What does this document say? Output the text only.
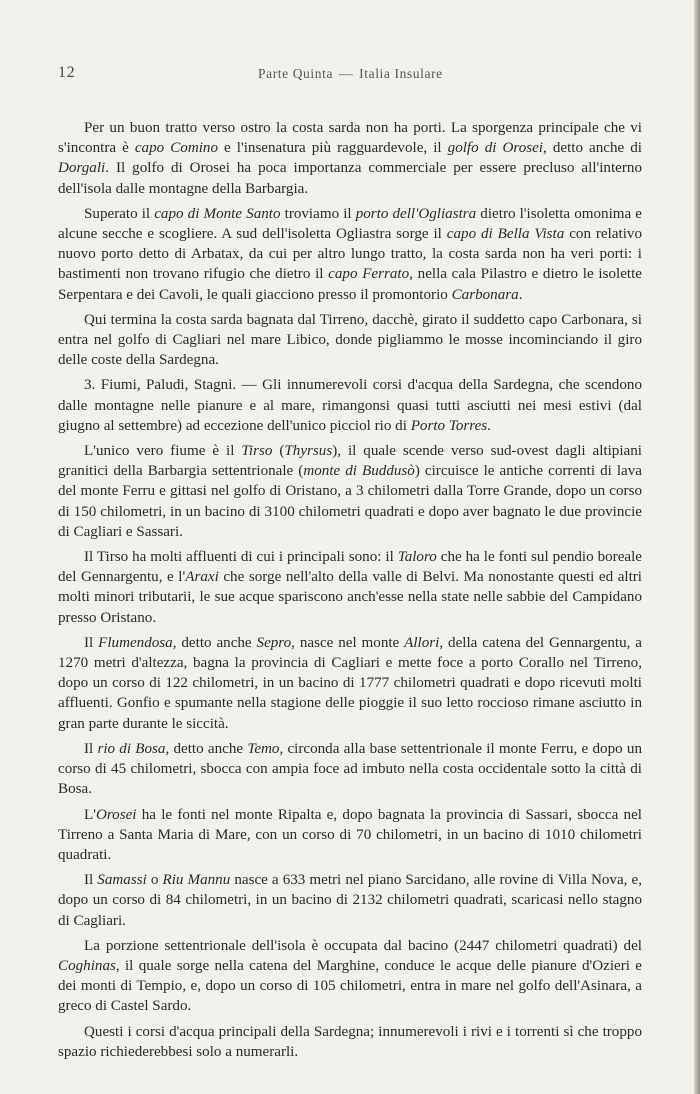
12	Parte Quinta — Italia Insulare

Per un buon tratto verso ostro la costa sarda non ha porti. La sporgenza principale che vi s'incontra è capo Comino e l'insenatura più ragguardevole, il golfo di Orosei, detto anche di Dorgali. Il golfo di Orosei ha poca importanza commerciale per essere precluso all'interno dell'isola dalle montagne della Barbargia.

Superato il capo di Monte Santo troviamo il porto dell'Ogliastra dietro l'isoletta omonima e alcune secche e scogliere. A sud dell'isoletta Ogliastra sorge il capo di Bella Vista con relativo nuovo porto detto di Arbatax, da cui per altro lungo tratto, la costa sarda non ha veri porti: i bastimenti non trovano rifugio che dietro il capo Ferrato, nella cala Pilastro e dietro le isolette Serpentara e dei Cavoli, le quali giacciono presso il promontorio Carbonara.

Qui termina la costa sarda bagnata dal Tirreno, dacchè, girato il suddetto capo Carbonara, si entra nel golfo di Cagliari nel mare Libico, donde pigliammo le mosse incominciando il giro delle coste della Sardegna.

3. Fiumi, Paludi, Stagni. — Gli innumerevoli corsi d'acqua della Sardegna, che scendono dalle montagne nelle pianure e al mare, rimangonsi quasi tutti asciutti nei mesi estivi (dal giugno al settembre) ad eccezione dell'unico picciol rio di Porto Torres.

L'unico vero fiume è il Tirso (Thyrsus), il quale scende verso sud-ovest dagli altipiani granitici della Barbargia settentrionale (monte di Buddusò) circuisce le antiche correnti di lava del monte Ferru e gittasi nel golfo di Oristano, a 3 chilometri dalla Torre Grande, dopo un corso di 150 chilometri, in un bacino di 3100 chilometri quadrati e dopo aver bagnato le due provincie di Cagliari e Sassari.

Il Tirso ha molti affluenti di cui i principali sono: il Taloro che ha le fonti sul pendio boreale del Gennargentu, e l'Araxi che sorge nell'alto della valle di Belvi. Ma nonostante questi ed altri molti minori tributarii, le sue acque spariscono anch'esse nella state nelle sabbie del Campidano presso Oristano.

Il Flumendosa, detto anche Sepro, nasce nel monte Allori, della catena del Gennargentu, a 1270 metri d'altezza, bagna la provincia di Cagliari e mette foce a porto Corallo nel Tirreno, dopo un corso di 122 chilometri, in un bacino di 1777 chilometri quadrati e dopo ricevuti molti affluenti. Gonfio e spumante nella stagione delle pioggie il suo letto roccioso rimane asciutto in gran parte durante le siccità.

Il rio di Bosa, detto anche Temo, circonda alla base settentrionale il monte Ferru, e dopo un corso di 45 chilometri, sbocca con ampia foce ad imbuto nella costa occidentale sotto la città di Bosa.

L'Orosei ha le fonti nel monte Ripalta e, dopo bagnata la provincia di Sassari, sbocca nel Tirreno a Santa Maria di Mare, con un corso di 70 chilometri, in un bacino di 1010 chilometri quadrati.

Il Samassi o Riu Mannu nasce a 633 metri nel piano Sarcidano, alle rovine di Villa Nova, e, dopo un corso di 84 chilometri, in un bacino di 2132 chilometri quadrati, scaricasi nello stagno di Cagliari.

La porzione settentrionale dell'isola è occupata dal bacino (2447 chilometri quadrati) del Coghinas, il quale sorge nella catena del Marghine, conduce le acque delle pianure d'Ozieri e dei monti di Tempio, e, dopo un corso di 105 chilometri, entra in mare nel golfo dell'Asinara, a greco di Castel Sardo.

Questi i corsi d'acqua principali della Sardegna; innumerevoli i rivi e i torrenti sì che troppo spazio richiederebbesi solo a numerarli.
